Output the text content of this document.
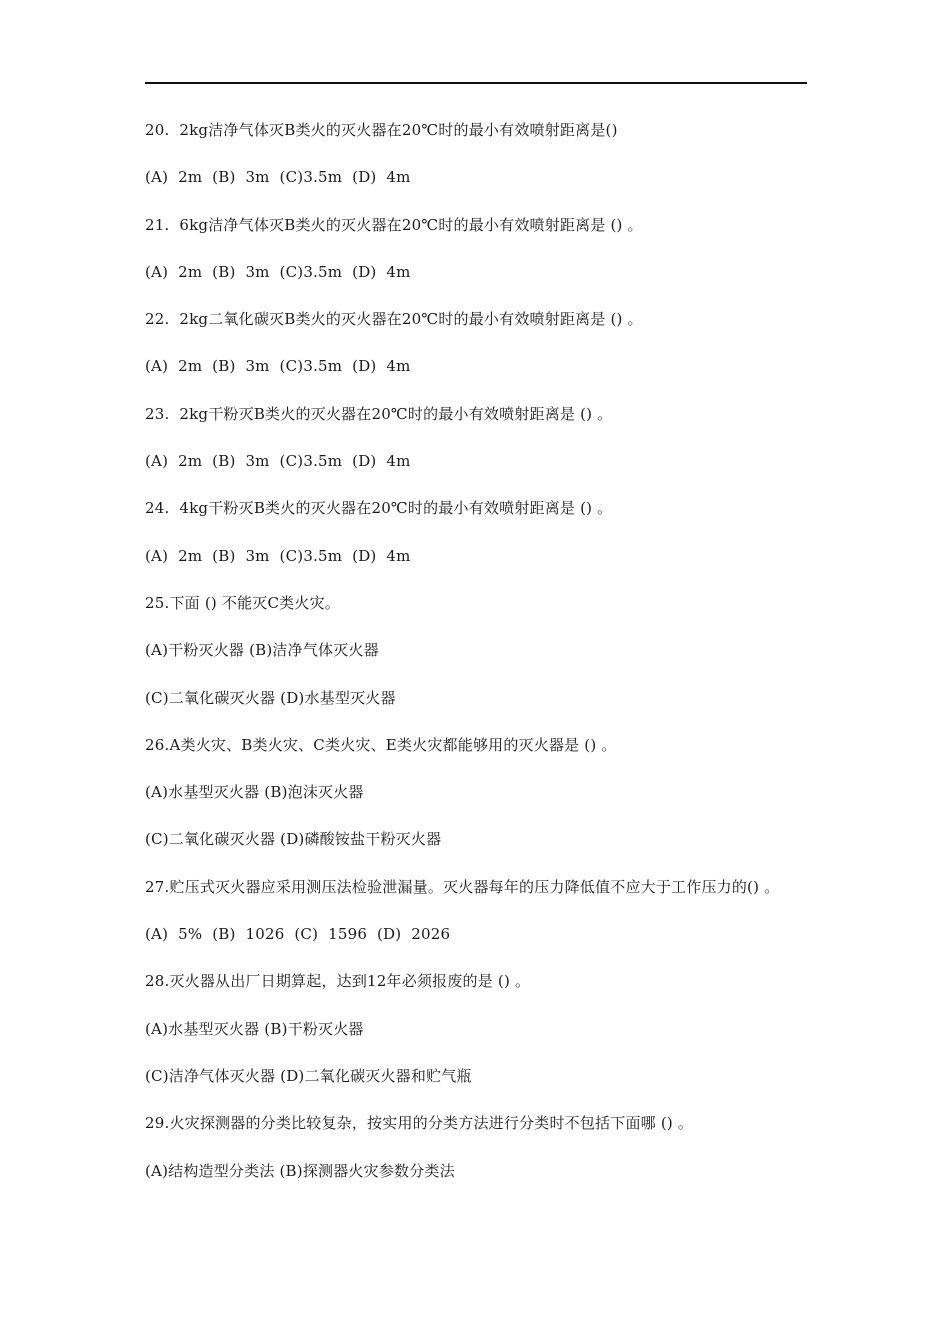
20.  2kg洁净气体灭B类火的灭火器在20℃时的最小有效喷射距离是()
(A)  2m  (B)  3m  (C)3.5m  (D)  4m
21.  6kg洁净气体灭B类火的灭火器在20℃时的最小有效喷射距离是 () 。
(A)  2m  (B)  3m  (C)3.5m  (D)  4m
22.  2kg二氧化碳灭B类火的灭火器在20℃时的最小有效喷射距离是 () 。
(A)  2m  (B)  3m  (C)3.5m  (D)  4m
23.  2kg干粉灭B类火的灭火器在20℃时的最小有效喷射距离是 () 。
(A)  2m  (B)  3m  (C)3.5m  (D)  4m
24.  4kg干粉灭B类火的灭火器在20℃时的最小有效喷射距离是 () 。
(A)  2m  (B)  3m  (C)3.5m  (D)  4m
25.下面 () 不能灭C类火灾。
(A)干粉灭火器 (B)洁净气体灭火器
(C)二氧化碳灭火器 (D)水基型灭火器
26.A类火灾、B类火灾、C类火灾、E类火灾都能够用的灭火器是 () 。
(A)水基型灭火器 (B)泡沫灭火器
(C)二氧化碳灭火器 (D)磷酸铵盐干粉灭火器
27.贮压式灭火器应采用测压法检验泄漏量。灭火器每年的压力降低值不应大于工作压力的() 。
(A)  5%  (B)  1026  (C)  1596  (D)  2026
28.灭火器从出厂日期算起，达到12年必须报废的是 () 。
(A)水基型灭火器 (B)干粉灭火器
(C)洁净气体灭火器 (D)二氧化碳灭火器和贮气瓶
29.火灾探测器的分类比较复杂，按实用的分类方法进行分类时不包括下面哪 () 。
(A)结构造型分类法 (B)探测器火灾参数分类法
